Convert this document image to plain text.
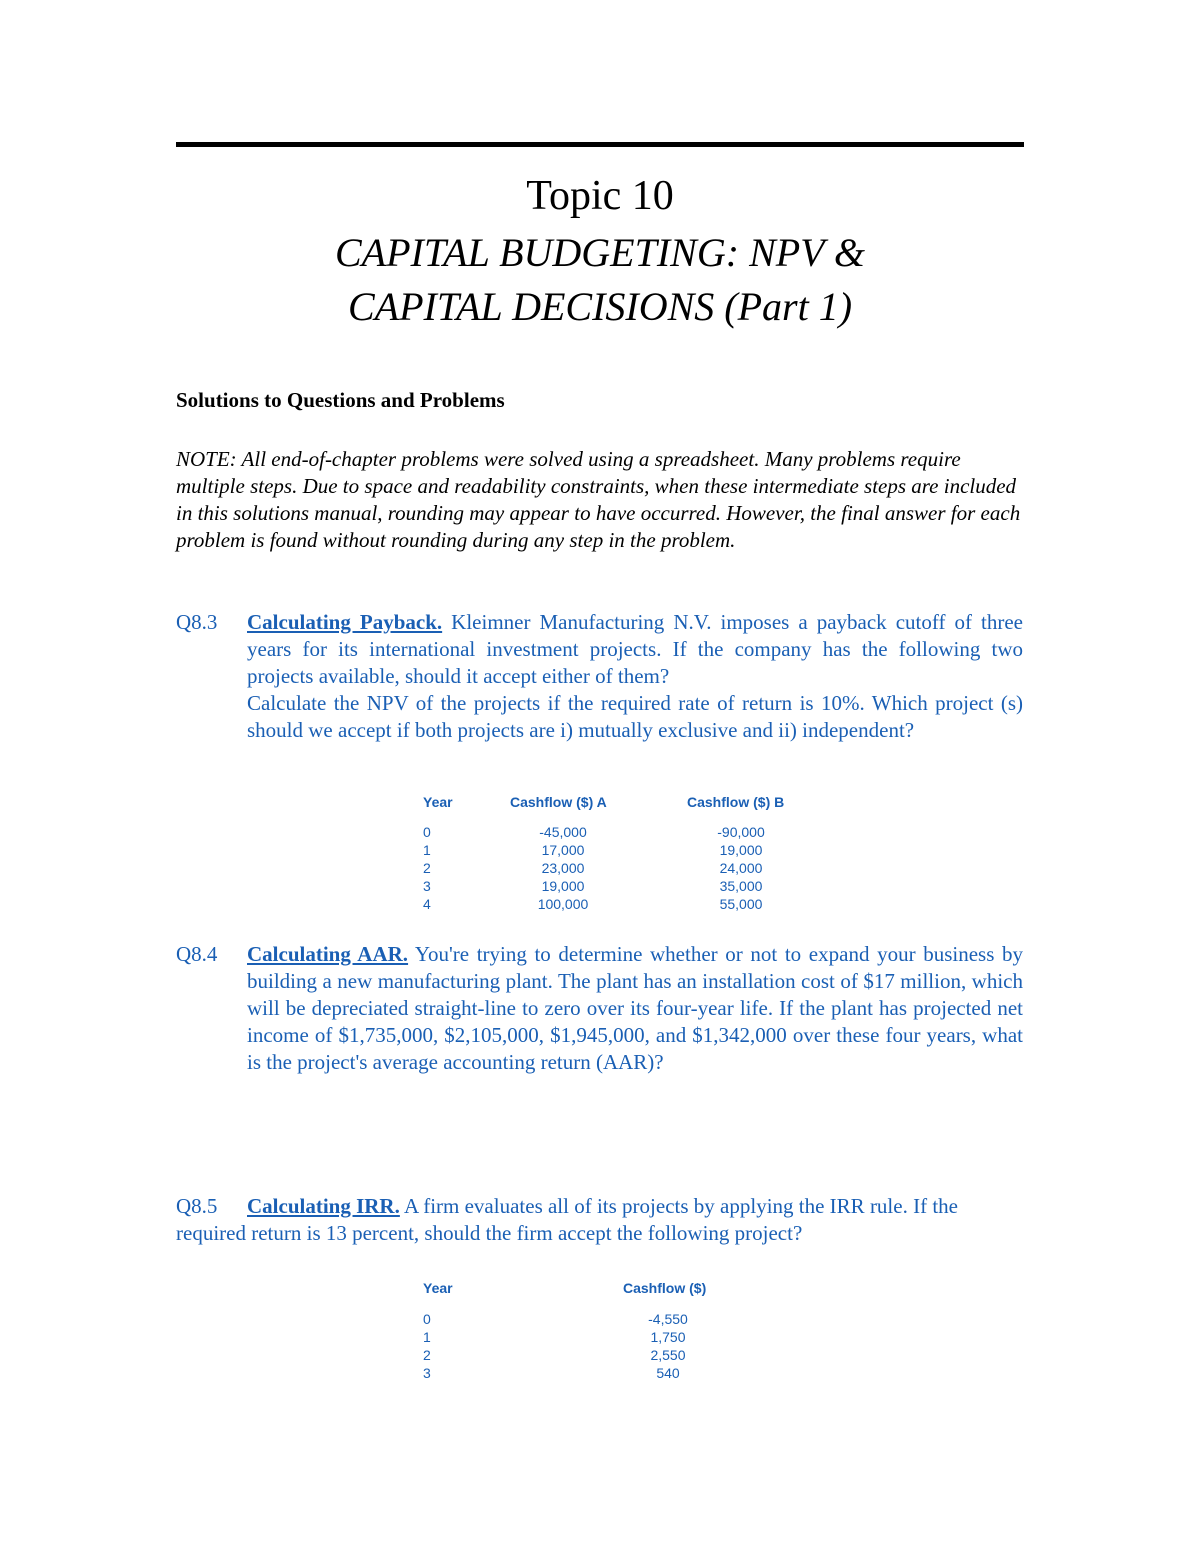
Topic 10
CAPITAL BUDGETING: NPV &
CAPITAL DECISIONS (Part 1)
Solutions to Questions and Problems
NOTE: All end-of-chapter problems were solved using a spreadsheet. Many problems require multiple steps. Due to space and readability constraints, when these intermediate steps are included in this solutions manual, rounding may appear to have occurred. However, the final answer for each problem is found without rounding during any step in the problem.
Q8.3 Calculating Payback. Kleimner Manufacturing N.V. imposes a payback cutoff of three years for its international investment projects. If the company has the following two projects available, should it accept either of them?
Calculate the NPV of the projects if the required rate of return is 10%. Which project (s) should we accept if both projects are i) mutually exclusive and ii) independent?
Year	Cashflow ($) A	Cashflow ($) B
0	-45,000	-90,000
1	17,000	19,000
2	23,000	24,000
3	19,000	35,000
4	100,000	55,000
Q8.4 Calculating AAR. You're trying to determine whether or not to expand your business by building a new manufacturing plant. The plant has an installation cost of $17 million, which will be depreciated straight-line to zero over its four-year life. If the plant has projected net income of $1,735,000, $2,105,000, $1,945,000, and $1,342,000 over these four years, what is the project's average accounting return (AAR)?
Q8.5	Calculating IRR. A firm evaluates all of its projects by applying the IRR rule. If the required return is 13 percent, should the firm accept the following project?
Year	Cashflow ($)
0	-4,550
1	1,750
2	2,550
3	540
